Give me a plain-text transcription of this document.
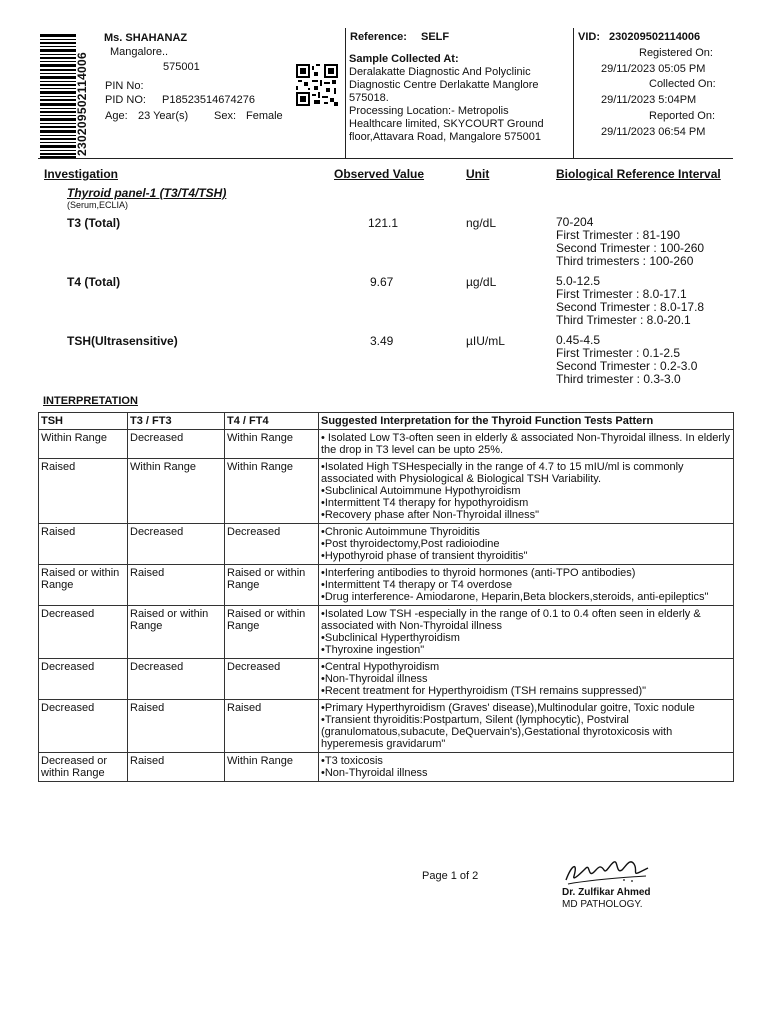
230209502114006
Ms. SHAHANAZ
Mangalore..
575001
PIN No:
PID NO: P18523514674276
Age: 23 Year(s) Sex: Female
Reference: SELF
Sample Collected At:
Deralakatte Diagnostic And Polyclinic
Diagnostic Centre Derlakatte Manglore
575018.
Processing Location:- Metropolis
Healthcare limited, SKYCOURT Ground
floor,Attavara Road, Mangalore 575001
VID: 230209502114006
Registered On:
29/11/2023 05:05 PM
Collected On:
29/11/2023 5:04PM
Reported On:
29/11/2023 06:54 PM
Investigation	Observed Value	Unit	Biological Reference Interval
Thyroid panel-1 (T3/T4/TSH)
(Serum,ECLIA)
T3 (Total)	121.1	ng/dL	70-204
First Trimester : 81-190
Second Trimester : 100-260
Third trimesters : 100-260
T4 (Total)	9.67	µg/dL	5.0-12.5
First Trimester : 8.0-17.1
Second Trimester : 8.0-17.8
Third Trimester : 8.0-20.1
TSH(Ultrasensitive)	3.49	µIU/mL	0.45-4.5
First Trimester : 0.1-2.5
Second Trimester : 0.2-3.0
Third trimester : 0.3-3.0
INTERPRETATION
TSH	T3 / FT3	T4 / FT4	Suggested Interpretation for the Thyroid Function Tests Pattern
Within Range	Decreased	Within Range	• Isolated Low T3-often seen in elderly & associated Non-Thyroidal illness. In elderly the drop in T3 level can be upto 25%.
Raised	Within Range	Within Range	•Isolated High TSHespecially in the range of 4.7 to 15 mIU/ml is commonly associated with Physiological & Biological TSH Variability.
•Subclinical Autoimmune Hypothyroidism
•Intermittent T4 therapy for hypothyroidism
•Recovery phase after Non-Thyroidal illness"
Raised	Decreased	Decreased	•Chronic Autoimmune Thyroiditis
•Post thyroidectomy,Post radioiodine
•Hypothyroid phase of transient thyroiditis"
Raised or within Range	Raised	Raised or within Range	•Interfering antibodies to thyroid hormones (anti-TPO antibodies)
•Intermittent T4 therapy or T4 overdose
•Drug interference- Amiodarone, Heparin,Beta blockers,steroids, anti-epileptics"
Decreased	Raised or within Range	Raised or within Range	•Isolated Low TSH -especially in the range of 0.1 to 0.4 often seen in elderly & associated with Non-Thyroidal illness
•Subclinical Hyperthyroidism
•Thyroxine ingestion"
Decreased	Decreased	Decreased	•Central Hypothyroidism
•Non-Thyroidal illness
•Recent treatment for Hyperthyroidism (TSH remains suppressed)"
Decreased	Raised	Raised	•Primary Hyperthyroidism (Graves' disease),Multinodular goitre, Toxic nodule
•Transient thyroiditis:Postpartum, Silent (lymphocytic), Postviral (granulomatous,subacute, DeQuervain's),Gestational thyrotoxicosis with hyperemesis gravidarum"
Decreased or within Range	Raised	Within Range	•T3 toxicosis
•Non-Thyroidal illness
Page 1 of 2
Dr. Zulfikar Ahmed
MD PATHOLOGY.
